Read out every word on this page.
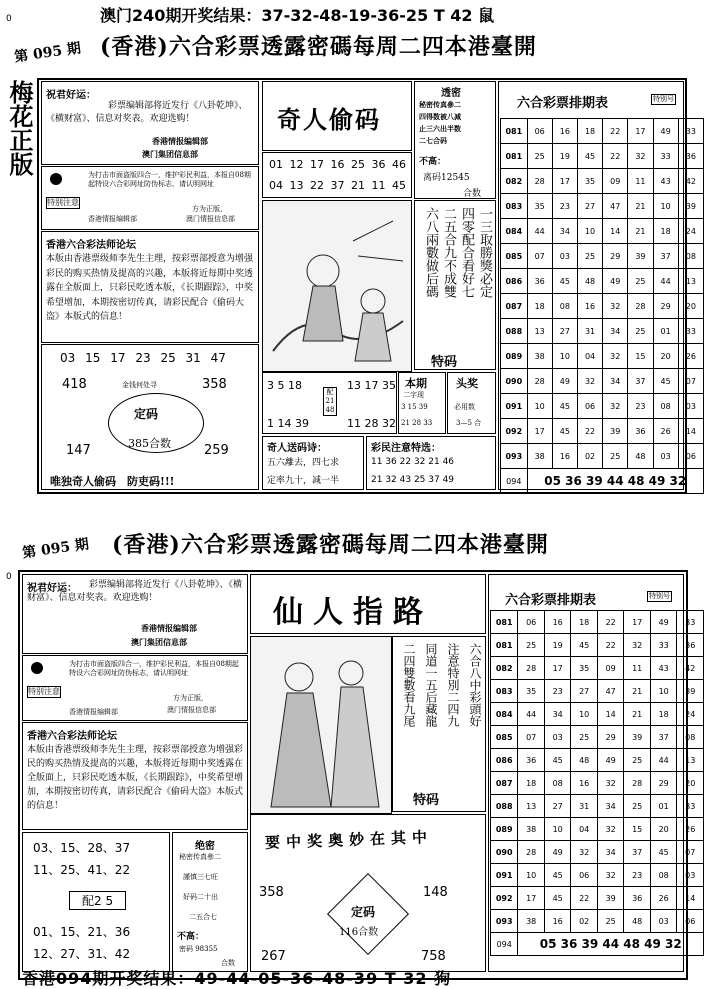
0
0
澳门240期开奖结果：37-32-48-19-36-25 T 42 鼠
第 095 期 (香港)六合彩票透露密碼每周二四本港臺開
梅花正版	祝君好运：
彩票编辑部将近发行《八卦乾坤》、《横财富》、信息对奖表。欢迎选购！
香港情报编辑部
澳门集团信息部
特别注意
为打击市面盗版四合一，维护彩民利益，本报自08期起特设六合彩网址防伪标志，请认明网址
香港情报编辑部
方为正版，
澳门情报信息部
香港六合彩法师论坛
本版由香港票级师李先生主理，按彩票部授意为增强彩民的购买热情及提高的兴趣，本版将近每期中奖透露在全版面上，只彩民吃透本版，《长期跟踪》，中奖希望增加，本期按密切传真，请彩民配合《偷码大盗》本版式的信息！
03 15 17 23 25 31 47
418	358
金钱何处寻
定码
385合数
147	259
唯独奇人偷码　防吏码!!!
奇人偷码
透密
秘密传真參二
四得数被八减
止三六出半数
二七合码
不高：
离码12545
合数
01 12 17 16 25 36 46
04 13 22 37 21 11 45
一三取勝獎必定
四零配合看好七
二五合九不成雙
六八兩數做后碼
特码
3 5 18
1 14 39
配
21
48
13 17 35
11 28 32
本期
二字现
3 15 39
21 28 33
头奖
必用数
3—5 合
奇人送码诗：
五六離去，四七求
定率九十，减一半
彩民注意特选：
11 36 22 32 21 46
21 32 43 25 37 49
六合彩票排期表	特别号
081	06	16	18	22	17	49	33
081	25	19	45	22	32	33	36
082	28	17	35	09	11	43	42
083	35	23	27	47	21	10	39
084	44	34	10	14	21	18	24
085	07	03	25	29	39	37	08
086	36	45	48	49	25	44	13
087	18	08	16	32	28	29	20
088	13	27	31	34	25	01	33
089	38	10	04	32	15	20	26
090	28	49	32	34	37	45	07
091	10	45	06	32	23	08	03
092	17	45	22	39	36	26	14
093	38	16	02	25	48	03	06
094	05 36 39 44 48 49 32						
第 095 期 (香港)六合彩票透露密碼每周二四本港臺開
祝君好运：	彩票编辑部将近发行《八卦乾坤》、《横财富》、信息对奖表。欢迎选购！
香港情报编辑部
澳门集团信息部
特别注意
为打击市面盗版四合一，维护彩民利益，本报自08期起特设六合彩网址防伪标志，请认明网址
香港情报编辑部
方为正版，
澳门情报信息部
香港六合彩法师论坛
本版由香港票级师李先生主理，按彩票部授意为增强彩民的购买热情及提高的兴趣，本版将近每期中奖透露在全版面上，只彩民吃透本版，《长期跟踪》，中奖希望增加，本期按密切传真，请彩民配合《偷码大盗》本版式的信息！
03、15、28、37
11、25、41、22
配2 5
01、15、21、36
12、27、31、42
绝密
秘密传真參二
謹慎三七旺
好码二十出
二五合七
不高：
密码 98355
合数
仙人指路
六合八中彩頭好
注意特別二四九
同道一五后藏龍
二四雙數看九尾
特码
要中奖奥妙在其中
358	148
定码
116合数
267	758
六合彩票排期表	特别号
081	06	16	18	22	17	49	33
081	25	19	45	22	32	33	36
082	28	17	35	09	11	43	42
083	35	23	27	47	21	10	39
084	44	34	10	14	21	18	24
085	07	03	25	29	39	37	08
086	36	45	48	49	25	44	13
087	18	08	16	32	28	29	20
088	13	27	31	34	25	01	33
089	38	10	04	32	15	20	26
090	28	49	32	34	37	45	07
091	10	45	06	32	23	08	03
092	17	45	22	39	36	26	14
093	38	16	02	25	48	03	06
094	05 36 39 44 48 49 32						
香港094期开奖结果：49-44-05-36-48-39 T 32 狗
